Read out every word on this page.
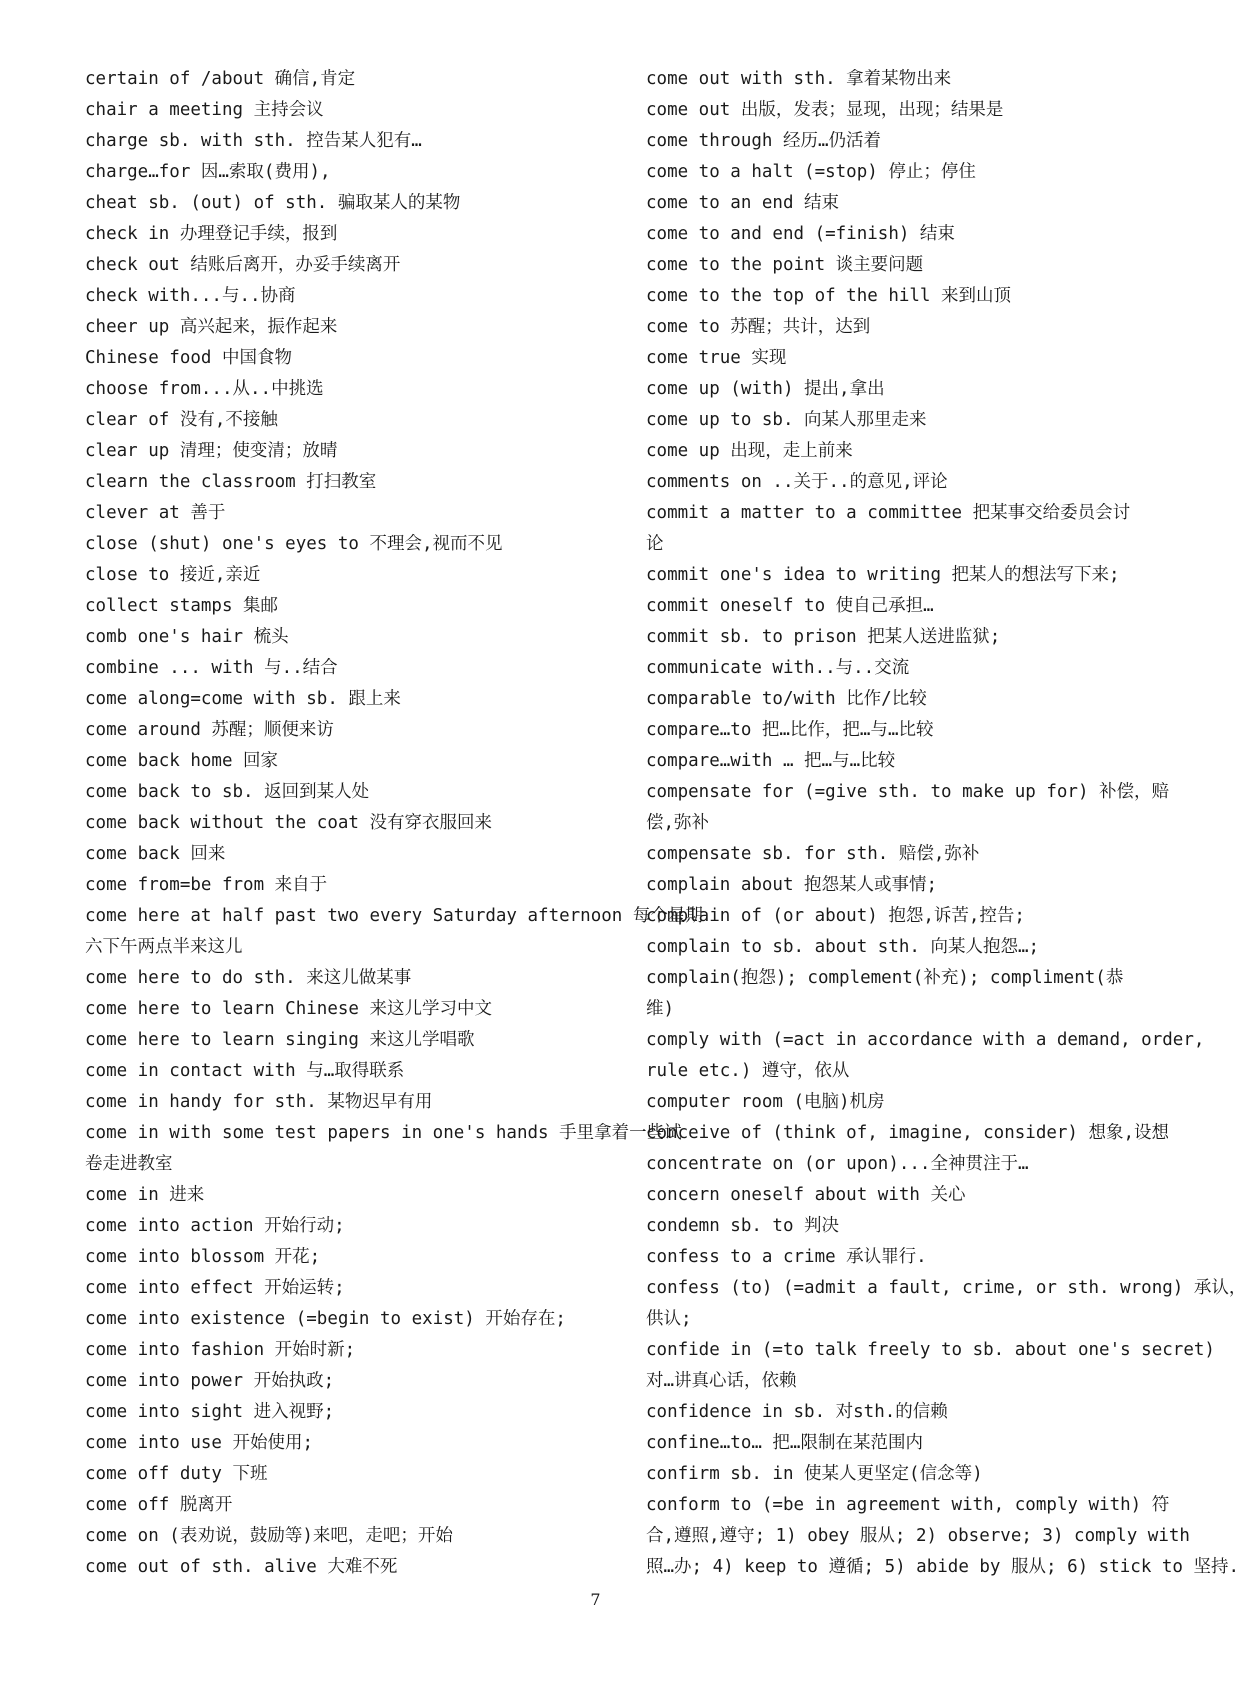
certain of /about 确信,肯定
chair a meeting 主持会议
charge sb. with sth. 控告某人犯有…
charge…for 因…索取(费用),
cheat sb. (out) of sth. 骗取某人的某物
check in 办理登记手续，报到
check out 结账后离开，办妥手续离开
check with...与..协商
cheer up 高兴起来，振作起来
Chinese food 中国食物
choose from...从..中挑选
clear of 没有,不接触
clear up 清理；使变清；放晴
clearn the classroom 打扫教室
clever at 善于
close (shut) one's eyes to 不理会,视而不见
close to 接近,亲近
collect stamps 集邮
comb one's hair 梳头
combine ... with 与..结合
come along=come with sb. 跟上来
come around 苏醒；顺便来访
come back home 回家
come back to sb. 返回到某人处
come back without the coat 没有穿衣服回来
come back 回来
come from=be from 来自于
come here at half past two every Saturday afternoon 每个星期
六下午两点半来这儿
come here to do sth. 来这儿做某事
come here to learn Chinese 来这儿学习中文
come here to learn singing 来这儿学唱歌
come in contact with 与…取得联系
come in handy for sth. 某物迟早有用
come in with some test papers in one's hands 手里拿着一些试
卷走进教室
come in 进来
come into action 开始行动;
come into blossom 开花;
come into effect 开始运转;
come into existence (=begin to exist) 开始存在;
come into fashion 开始时新;
come into power 开始执政;
come into sight 进入视野;
come into use 开始使用;
come off duty 下班
come off 脱离开
come on (表劝说，鼓励等)来吧，走吧；开始
come out of sth. alive 大难不死
come out with sth. 拿着某物出来
come out 出版，发表；显现，出现；结果是
come through 经历…仍活着
come to a halt (=stop) 停止；停住
come to an end 结束
come to and end (=finish) 结束
come to the point 谈主要问题
come to the top of the hill 来到山顶
come to 苏醒；共计，达到
come true 实现
come up (with) 提出,拿出
come up to sb. 向某人那里走来
come up 出现，走上前来
comments on ..关于..的意见,评论
commit a matter to a committee 把某事交给委员会讨
论
commit one's idea to writing 把某人的想法写下来;
commit oneself to 使自己承担…
commit sb. to prison 把某人送进监狱;
communicate with..与..交流
comparable to/with 比作/比较
compare…to 把…比作，把…与…比较
compare…with … 把…与…比较
compensate for (=give sth. to make up for) 补偿，赔
偿,弥补
compensate sb. for sth. 赔偿,弥补
complain about 抱怨某人或事情;
complain of (or about) 抱怨,诉苦,控告;
complain to sb. about sth. 向某人抱怨…;
complain(抱怨); complement(补充); compliment(恭
维)
comply with (=act in accordance with a demand, order,
rule etc.) 遵守，依从
computer room (电脑)机房
conceive of (think of, imagine, consider) 想象,设想
concentrate on (or upon)...全神贯注于…
concern oneself about with 关心
condemn sb. to 判决
confess to a crime 承认罪行.
confess (to) (=admit a fault, crime, or sth. wrong) 承认，
供认;
confide in (=to talk freely to sb. about one's secret)
对…讲真心话，依赖
confidence in sb. 对sth.的信赖
confine…to… 把…限制在某范围内
confirm sb. in 使某人更坚定(信念等)
conform to (=be in agreement with, comply with) 符
合,遵照,遵守; 1) obey 服从; 2) observe; 3) comply with
照…办; 4) keep to 遵循; 5) abide by 服从; 6) stick to 坚持.
7
